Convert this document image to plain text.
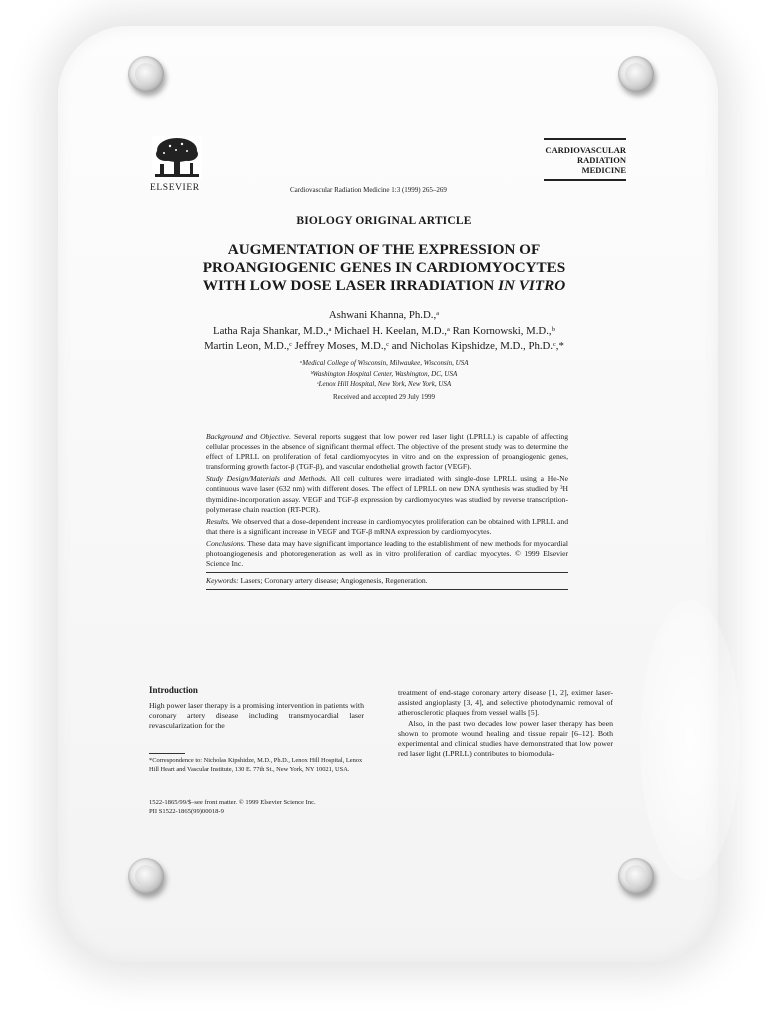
ELSEVIER	Cardiovascular Radiation Medicine 1:3 (1999) 265–269
CARDIOVASCULAR
RADIATION
MEDICINE
BIOLOGY ORIGINAL ARTICLE
AUGMENTATION OF THE EXPRESSION OF
PROANGIOGENIC GENES IN CARDIOMYOCYTES
WITH LOW DOSE LASER IRRADIATION IN VITRO
Ashwani Khanna, Ph.D.,ᵃ
Latha Raja Shankar, M.D.,ᵃ Michael H. Keelan, M.D.,ᵃ Ran Kornowski, M.D.,ᵇ
Martin Leon, M.D.,ᶜ Jeffrey Moses, M.D.,ᶜ and Nicholas Kipshidze, M.D., Ph.D.ᶜ,*
ᵃMedical College of Wisconsin, Milwaukee, Wisconsin, USA
ᵇWashington Hospital Center, Washington, DC, USA
ᶜLenox Hill Hospital, New York, New York, USA
Received and accepted 29 July 1999

Background and Objective. Several reports suggest that low power red laser light (LPRLL) is capable of affecting cellular processes in the absence of significant thermal effect. The objective of the present study was to determine the effect of LPRLL on proliferation of fetal cardiomyocytes in vitro and on the expression of proangiogenic genes, transforming growth factor-β (TGF-β), and vascular endothelial growth factor (VEGF).

Study Design/Materials and Methods. All cell cultures were irradiated with single-dose LPRLL using a He-Ne continuous wave laser (632 nm) with different doses. The effect of LPRLL on new DNA synthesis was studied by ³H thymidine-incorporation assay. VEGF and TGF-β expression by cardiomyocytes was studied by reverse transcription-polymerase chain reaction (RT-PCR).

Results. We observed that a dose-dependent increase in cardiomyocytes proliferation can be obtained with LPRLL and that there is a significant increase in VEGF and TGF-β mRNA expression by cardiomyocytes.

Conclusions. These data may have significant importance leading to the establishment of new methods for myocardial photoangiogenesis and photoregeneration as well as in vitro proliferation of cardiac myocytes. © 1999 Elsevier Science Inc.

Keywords: Lasers; Coronary artery disease; Angiogenesis, Regeneration.

Introduction

High power laser therapy is a promising intervention in patients with coronary artery disease including transmyocardial laser revascularization for the

*Correspondence to: Nicholas Kipshidze, M.D., Ph.D., Lenox Hill Hospital, Lenox Hill Heart and Vascular Institute, 130 E. 77th St., New York, NY 10021, USA.
1522-1865/99/$–see front matter. © 1999 Elsevier Science Inc.
PII S1522-1865(99)00018-9

treatment of end-stage coronary artery disease [1, 2], eximer laser-assisted angioplasty [3, 4], and selective photodynamic removal of atherosclerotic plaques from vessel walls [5].

Also, in the past two decades low power laser therapy has been shown to promote wound healing and tissue repair [6–12]. Both experimental and clinical studies have demonstrated that low power red laser light (LPRLL) contributes to biomodula-
